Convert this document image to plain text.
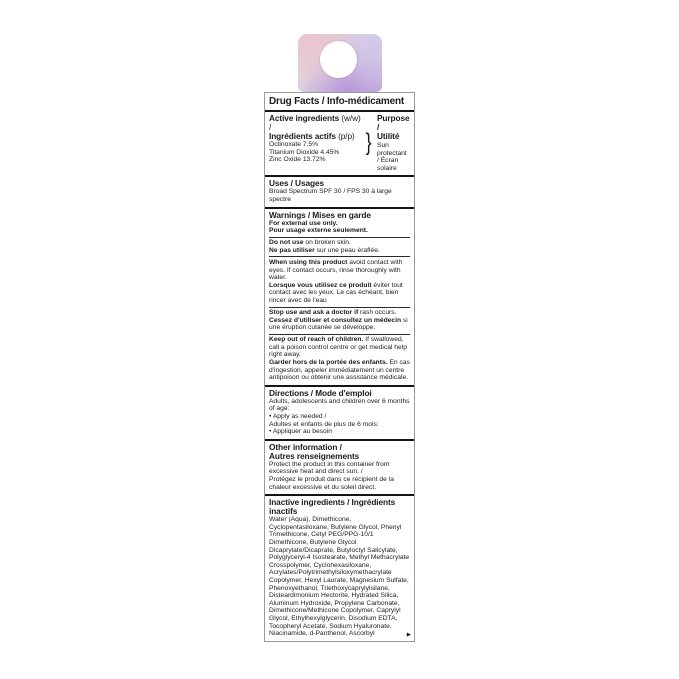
Drug Facts / Info-médicament
Active ingredients (w/w) /
Ingrédients actifs (p/p)
Octinoxate 7.5%
Titanium Dioxide 4.45%
Zinc Oxide 13.72%
}
Purpose /
Utilité
Sun protectant / Écran solaire
Uses / Usages
Broad Spectrum SPF 30 / FPS 30 à large spectre
Warnings / Mises en garde

For external use only.

Pour usage externe seulement.

Do not use on broken skin.

Ne pas utiliser sur une peau éraflée.

When using this product avoid contact with eyes. If contact occurs, rinse thoroughly with water.

Lorsque vous utilisez ce produit éviter tout contact avec les yeux. Le cas échéant, bien rincer avec de l'eau

Stop use and ask a doctor if rash occurs.

Cessez d'utiliser et consultez un médecin si une éruption cutanée se développe.

Keep out of reach of children. If swallowed, call a poison control centre or get medical help right away.

Garder hors de la portée des enfants. En cas d'ingestion, appeler immédiatement un centre antipoison ou obtenir une assistance médicale.

Directions / Mode d'emploi
Adults, adolescents and children over 6 months of age:
• Apply as needed /
Adultes et enfants de plus de 6 mois:
• Appliquer au besoin
Other information /
Autres renseignements
Protect the product in this container from excessive heat and direct sun. /
Protégez le produit dans ce récipient de la chaleur excessive et du soleil direct.
Inactive ingredients / Ingrédients
inactifs
Water (Aqua), Dimethicone, Cyclopentasiloxane, Butylene Glycol, Phenyl Trimethicone, Cetyl PEG/PPG-10/1 Dimethicone, Butylene Glycol Dicaprylate/Dicaprate, Butyloctyl Salicylate, Polyglyceryl-4 Isostearate, Methyl Methacrylate Crosspolymer, Cyclohexasiloxane, Acrylates/Polytrimethylsiloxymethacrylate Copolymer, Hexyl Laurate, Magnesium Sulfate, Phenoxyethanol, Triethoxycaprylylsilane, Disteardimonium Hectorite, Hydrated Silica, Aluminum Hydroxide, Propylene Carbonate, Dimethicone/Methicone Copolymer, Caprylyl Glycol, Ethylhexylglycerin, Disodium EDTA, Tocopheryl Acetate, Sodium Hyaluronate, Niacinamide, d-Panthenol, Ascorbyl	▶
